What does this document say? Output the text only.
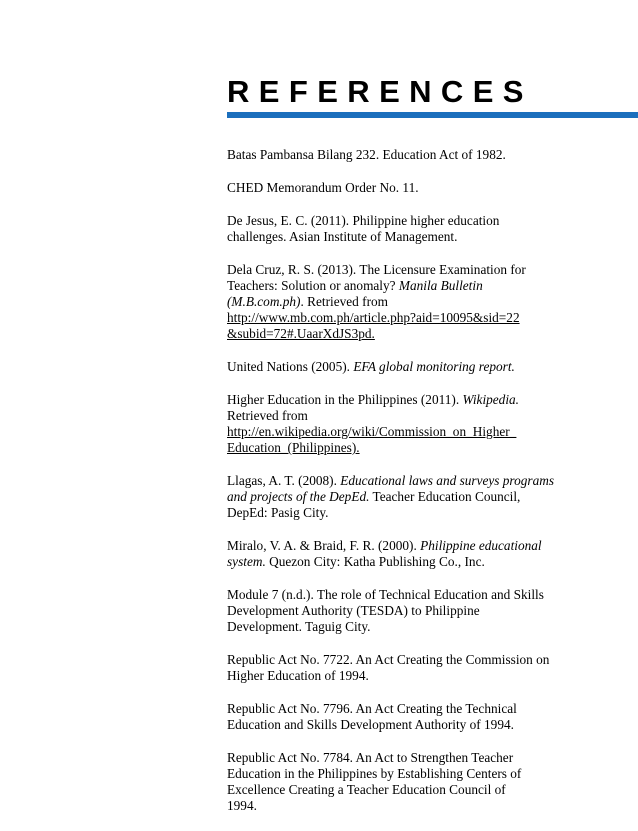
REFERENCES
Batas Pambansa Bilang 232. Education Act of 1982.
CHED Memorandum Order No. 11.
De Jesus, E. C. (2011). Philippine higher education
challenges. Asian Institute of Management.
Dela Cruz, R. S. (2013). The Licensure Examination for
Teachers: Solution or anomaly? Manila Bulletin
(M.B.com.ph). Retrieved from
http://www.mb.com.ph/article.php?aid=10095&sid=22
&subid=72#.UaarXdJS3pd.
United Nations (2005). EFA global monitoring report.
Higher Education in the Philippines (2011). Wikipedia.
Retrieved from
http://en.wikipedia.org/wiki/Commission_on_Higher_
Education_(Philippines).
Llagas, A. T. (2008). Educational laws and surveys programs
and projects of the DepEd. Teacher Education Council,
DepEd: Pasig City.
Miralo, V. A. & Braid, F. R. (2000). Philippine educational
system. Quezon City: Katha Publishing Co., Inc.
Module 7 (n.d.). The role of Technical Education and Skills
Development Authority (TESDA) to Philippine
Development. Taguig City.
Republic Act No. 7722. An Act Creating the Commission on
Higher Education of 1994.
Republic Act No. 7796. An Act Creating the Technical
Education and Skills Development Authority of 1994.
Republic Act No. 7784. An Act to Strengthen Teacher
Education in the Philippines by Establishing Centers of
Excellence Creating a Teacher Education Council of
1994.
